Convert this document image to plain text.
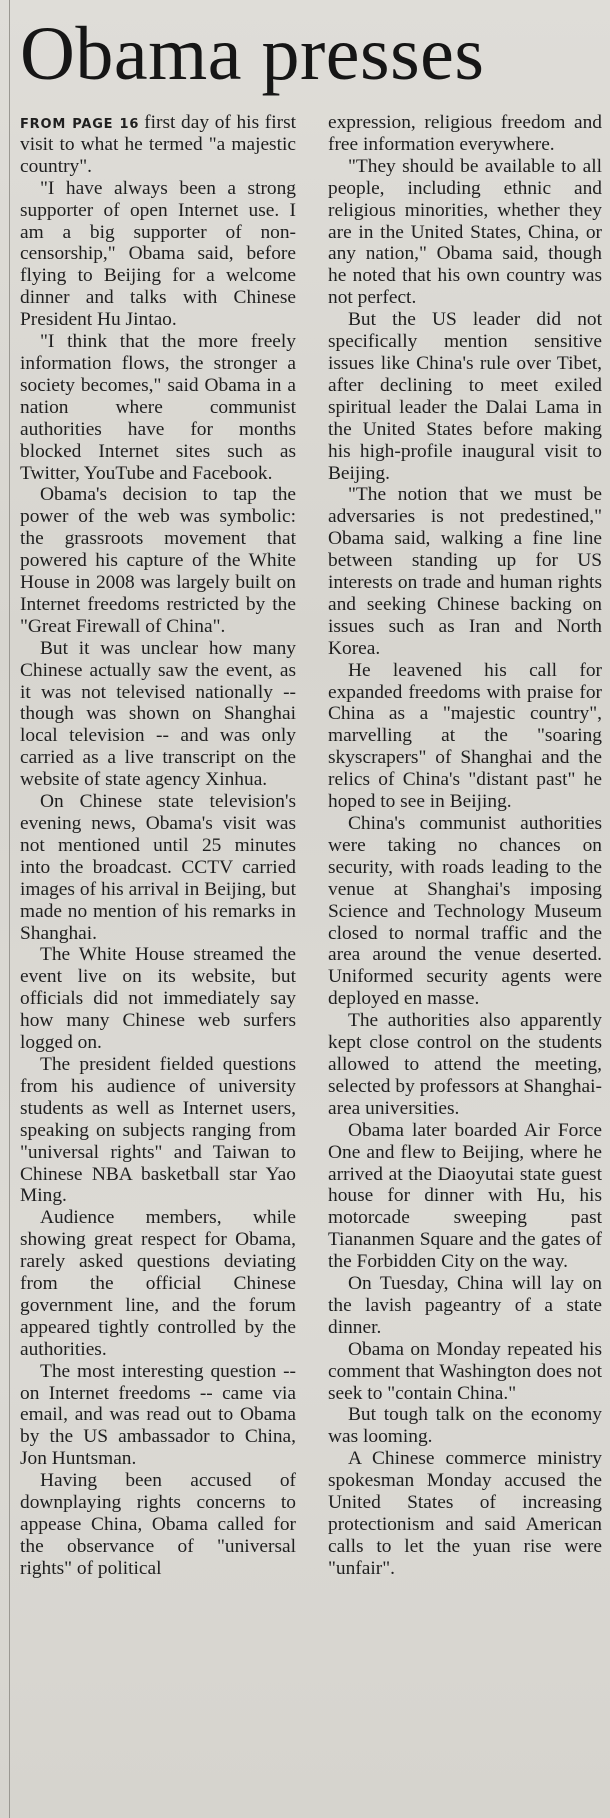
Obama presses

FROM PAGE 16 first day of his first visit to what he termed "a majestic country".

"I have always been a strong supporter of open Internet use. I am a big supporter of non-censorship," Obama said, before flying to Beijing for a welcome dinner and talks with Chinese President Hu Jintao.

"I think that the more freely information flows, the stronger a society becomes," said Obama in a nation where communist authorities have for months blocked Internet sites such as Twitter, YouTube and Facebook.

Obama's decision to tap the power of the web was symbolic: the grassroots movement that powered his capture of the White House in 2008 was largely built on Internet freedoms restricted by the "Great Firewall of China".

But it was unclear how many Chinese actually saw the event, as it was not televised nationally -- though was shown on Shanghai local television -- and was only carried as a live transcript on the website of state agency Xinhua.

On Chinese state television's evening news, Obama's visit was not mentioned until 25 minutes into the broadcast. CCTV carried images of his arrival in Beijing, but made no mention of his remarks in Shanghai.

The White House streamed the event live on its website, but officials did not immediately say how many Chinese web surfers logged on.

The president fielded questions from his audience of university students as well as Internet users, speaking on subjects ranging from "universal rights" and Taiwan to Chinese NBA basketball star Yao Ming.

Audience members, while showing great respect for Obama, rarely asked questions deviating from the official Chinese government line, and the forum appeared tightly controlled by the authorities.

The most interesting question -- on Internet freedoms -- came via email, and was read out to Obama by the US ambassador to China, Jon Huntsman.

Having been accused of downplaying rights concerns to appease China, Obama called for the observance of "universal rights" of political

expression, religious freedom and free information everywhere.

"They should be available to all people, including ethnic and religious minorities, whether they are in the United States, China, or any nation," Obama said, though he noted that his own country was not perfect.

But the US leader did not specifically mention sensitive issues like China's rule over Tibet, after declining to meet exiled spiritual leader the Dalai Lama in the United States before making his high-profile inaugural visit to Beijing.

"The notion that we must be adversaries is not predestined," Obama said, walking a fine line between standing up for US interests on trade and human rights and seeking Chinese backing on issues such as Iran and North Korea.

He leavened his call for expanded freedoms with praise for China as a "majestic country", marvelling at the "soaring skyscrapers" of Shanghai and the relics of China's "distant past" he hoped to see in Beijing.

China's communist authorities were taking no chances on security, with roads leading to the venue at Shanghai's imposing Science and Technology Museum closed to normal traffic and the area around the venue deserted. Uniformed security agents were deployed en masse.

The authorities also apparently kept close control on the students allowed to attend the meeting, selected by professors at Shanghai-area universities.

Obama later boarded Air Force One and flew to Beijing, where he arrived at the Diaoyutai state guest house for dinner with Hu, his motorcade sweeping past Tiananmen Square and the gates of the Forbidden City on the way.

On Tuesday, China will lay on the lavish pageantry of a state dinner.

Obama on Monday repeated his comment that Washington does not seek to "contain China."

But tough talk on the economy was looming.

A Chinese commerce ministry spokesman Monday accused the United States of increasing protectionism and said American calls to let the yuan rise were "unfair".
